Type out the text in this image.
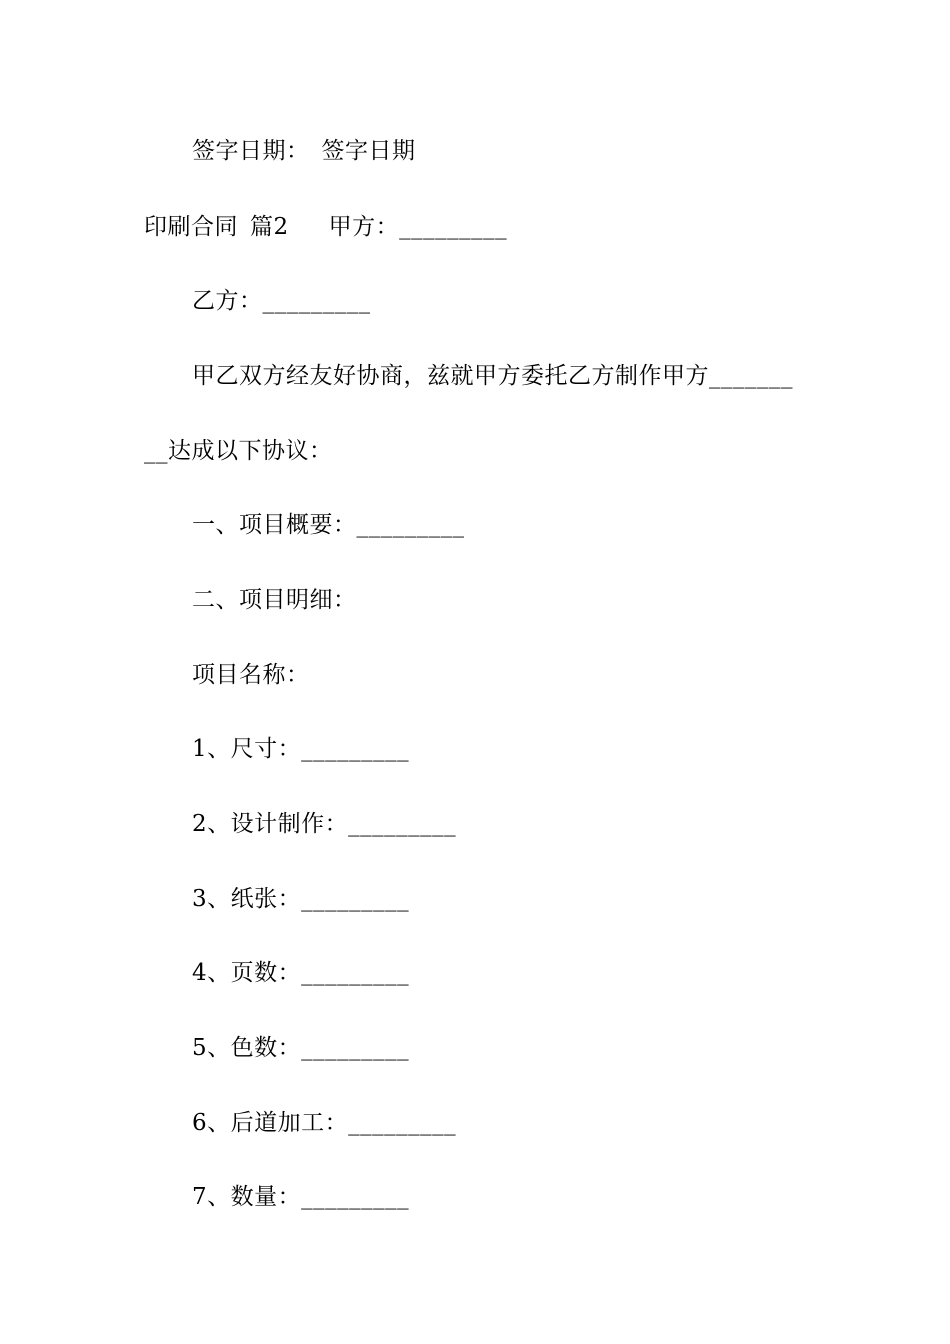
签字日期： 签字日期
印刷合同 篇2 甲方：_________
乙方：_________
甲乙双方经友好协商，兹就甲方委托乙方制作甲方_______
__达成以下协议：
一、项目概要：_________
二、项目明细：
项目名称：
1、尺寸：_________
2、设计制作：_________
3、纸张：_________
4、页数：_________
5、色数：_________
6、后道加工：_________
7、数量：_________
